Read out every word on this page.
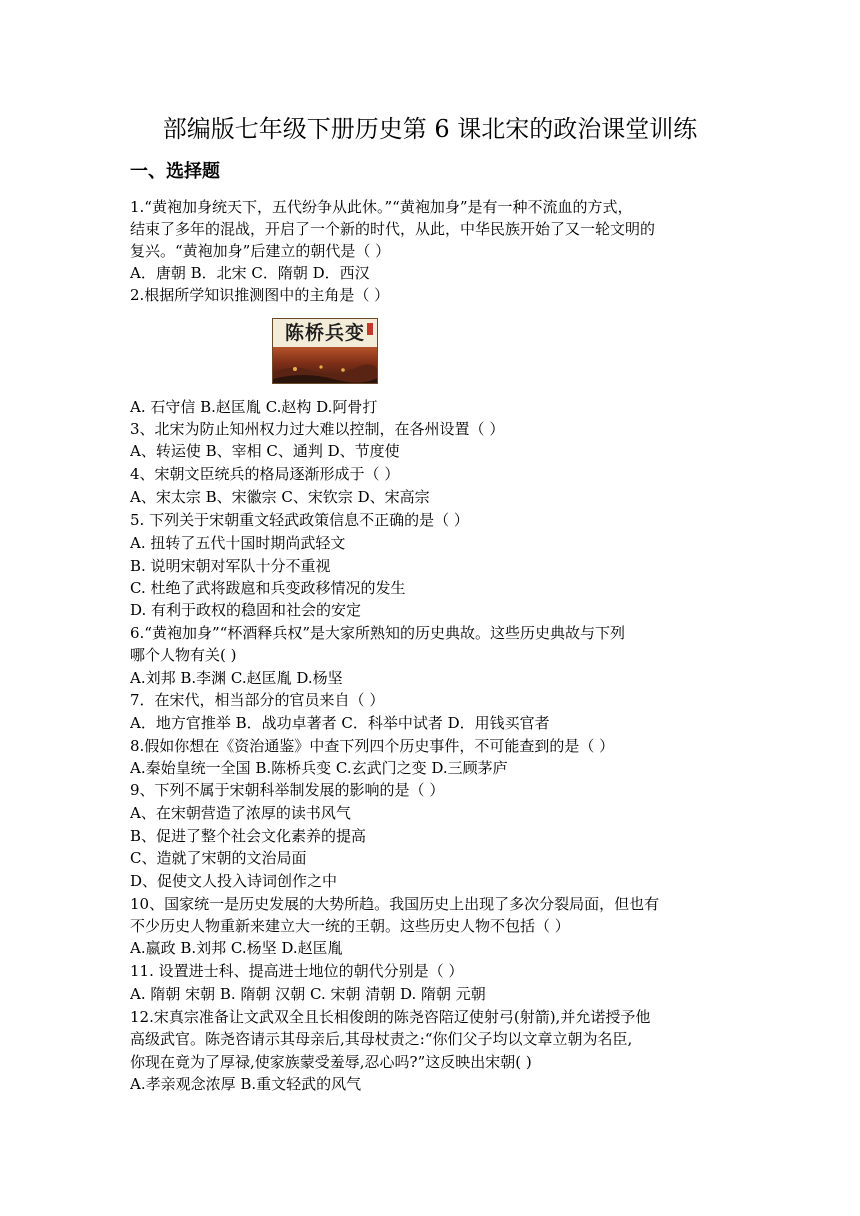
部编版七年级下册历史第 6 课北宋的政治课堂训练
一、选择题
1.“黄袍加身统天下，五代纷争从此休。”“黄袍加身”是有一种不流血的方式，
结束了多年的混战，开启了一个新的时代，从此，中华民族开始了又一轮文明的
复兴。“黄袍加身”后建立的朝代是（ ）
A．唐朝 B．北宋 C．隋朝 D．西汉
2.根据所学知识推测图中的主角是（ ）
陈桥兵变
A. 石守信 B.赵匡胤 C.赵构 D.阿骨打
3、北宋为防止知州权力过大难以控制，在各州设置（ ）
A、转运使 B、宰相 C、通判 D、节度使
4、宋朝文臣统兵的格局逐渐形成于（ ）
A、宋太宗 B、宋徽宗 C、宋钦宗 D、宋高宗
5. 下列关于宋朝重文轻武政策信息不正确的是（ ）
A. 扭转了五代十国时期尚武轻文
B. 说明宋朝对军队十分不重视
C. 杜绝了武将跋扈和兵变政移情况的发生
D. 有利于政权的稳固和社会的安定
6.“黄袍加身”“杯酒释兵权”是大家所熟知的历史典故。这些历史典故与下列
哪个人物有关( )
A.刘邦 B.李渊 C.赵匡胤 D.杨坚
7．在宋代，相当部分的官员来自（ ）
A．地方官推举 B．战功卓著者 C．科举中试者 D．用钱买官者
8.假如你想在《资治通鉴》中查下列四个历史事件，不可能查到的是（ ）
A.秦始皇统一全国 B.陈桥兵变 C.玄武门之变 D.三顾茅庐
9、下列不属于宋朝科举制发展的影响的是（ ）
A、在宋朝营造了浓厚的读书风气
B、促进了整个社会文化素养的提高
C、造就了宋朝的文治局面
D、促使文人投入诗词创作之中
10、国家统一是历史发展的大势所趋。我国历史上出现了多次分裂局面，但也有
不少历史人物重新来建立大一统的王朝。这些历史人物不包括（ ）
A.嬴政 B.刘邦 C.杨坚 D.赵匡胤
11. 设置进士科、提高进士地位的朝代分别是（ ）
A. 隋朝 宋朝 B. 隋朝 汉朝 C. 宋朝 清朝 D. 隋朝 元朝
12.宋真宗准备让文武双全且长相俊朗的陈尧咨陪辽使射弓(射箭),并允诺授予他
高级武官。陈尧咨请示其母亲后,其母杖责之:“你们父子均以文章立朝为名臣,
你现在竟为了厚禄,使家族蒙受羞辱,忍心吗?”这反映出宋朝( )
A.孝亲观念浓厚 B.重文轻武的风气
